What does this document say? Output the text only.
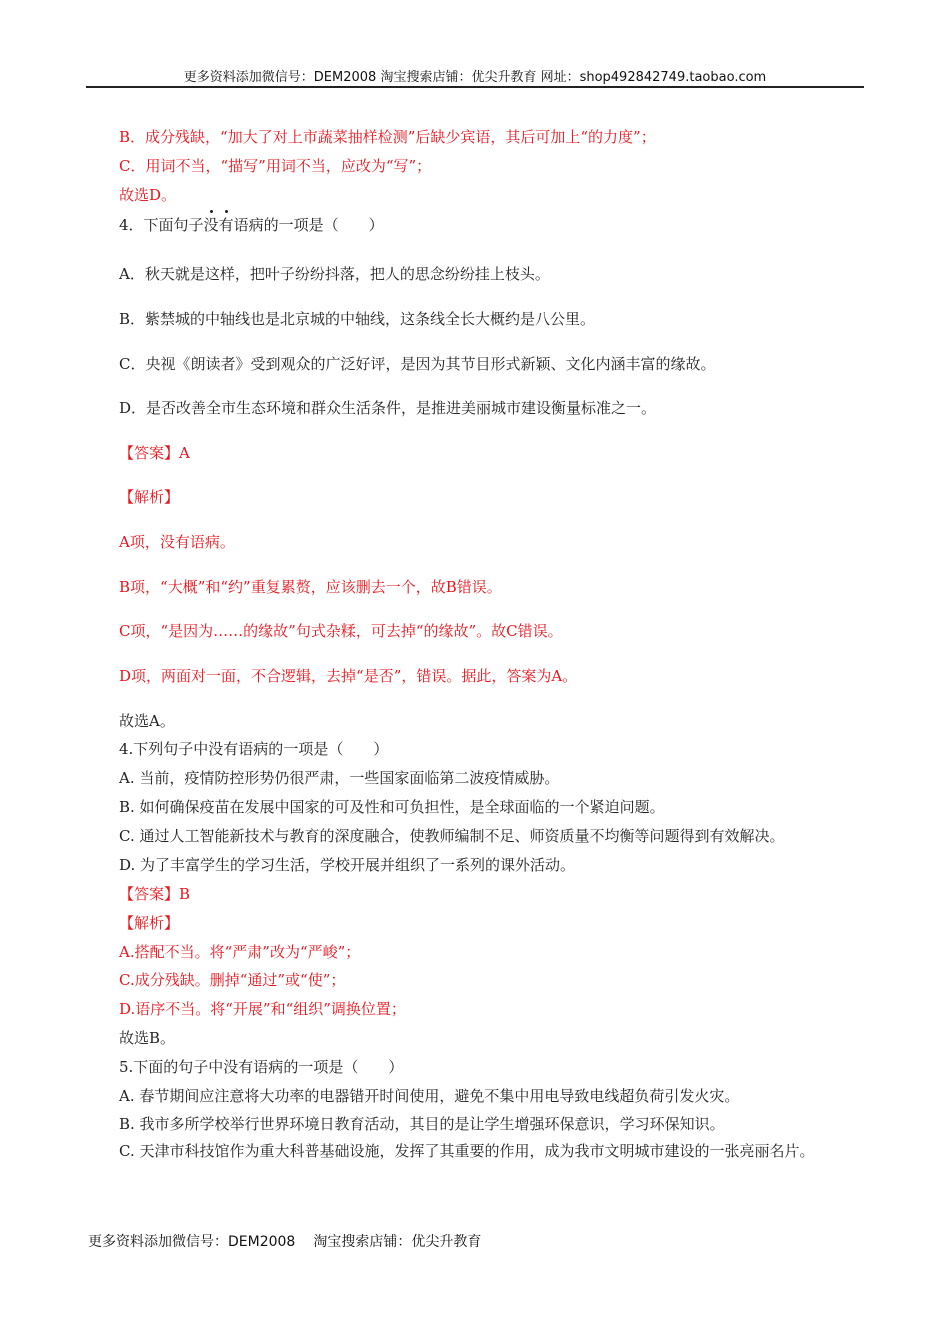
更多资料添加微信号：DEM2008 淘宝搜索店铺：优尖升教育 网址：shop492842749.taobao.com
B．成分残缺，“加大了对上市蔬菜抽样检测”后缺少宾语，其后可加上“的力度”；
C．用词不当，“描写”用词不当，应改为“写”；
故选D。
4．下面句子没有语病的一项是（　　）
A．秋天就是这样，把叶子纷纷抖落，把人的思念纷纷挂上枝头。
B．紫禁城的中轴线也是北京城的中轴线，这条线全长大概约是八公里。
C．央视《朗读者》受到观众的广泛好评，是因为其节目形式新颖、文化内涵丰富的缘故。
D．是否改善全市生态环境和群众生活条件，是推进美丽城市建设衡量标准之一。
【答案】A
【解析】
A项，没有语病。
B项，“大概”和“约”重复累赘，应该删去一个，故B错误。
C项，“是因为……的缘故”句式杂糅，可去掉“的缘故”。故C错误。
D项，两面对一面，不合逻辑，去掉“是否”，错误。据此，答案为A。
故选A。
4.下列句子中没有语病的一项是（　　）
A. 当前，疫情防控形势仍很严肃，一些国家面临第二波疫情威胁。
B. 如何确保疫苗在发展中国家的可及性和可负担性，是全球面临的一个紧迫问题。
C. 通过人工智能新技术与教育的深度融合，使教师编制不足、师资质量不均衡等问题得到有效解决。
D. 为了丰富学生的学习生活，学校开展并组织了一系列的课外活动。
【答案】B
【解析】
A.搭配不当。将“严肃”改为“严峻”；
C.成分残缺。删掉“通过”或“使”；
D.语序不当。将“开展”和“组织”调换位置；
故选B。
5.下面的句子中没有语病的一项是（　　）
A. 春节期间应注意将大功率的电器错开时间使用，避免不集中用电导致电线超负荷引发火灾。
B. 我市多所学校举行世界环境日教育活动，其目的是让学生增强环保意识，学习环保知识。
C. 天津市科技馆作为重大科普基础设施，发挥了其重要的作用，成为我市文明城市建设的一张亮丽名片。
更多资料添加微信号：DEM2008 淘宝搜索店铺：优尖升教育
